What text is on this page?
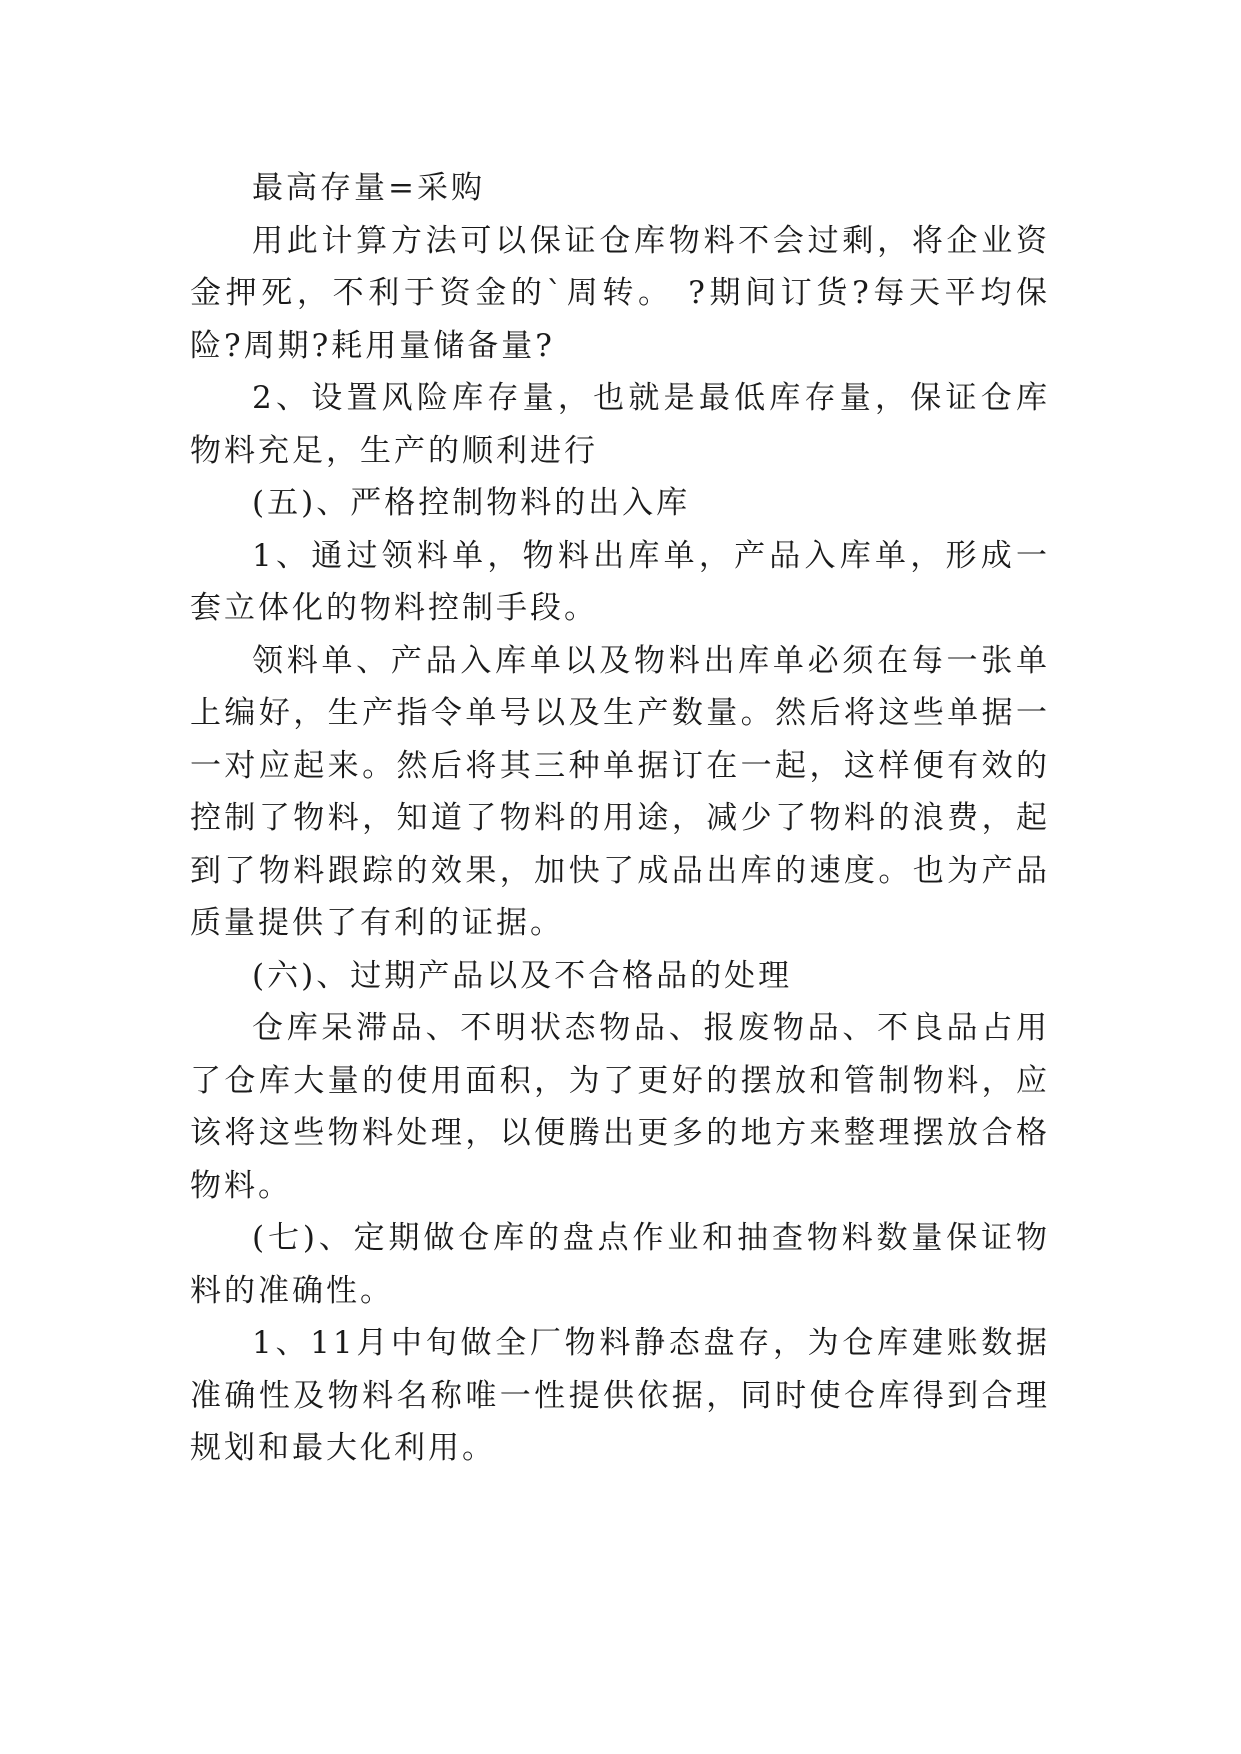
最高存量=采购

用此计算方法可以保证仓库物料不会过剩，将企业资金押死，不利于资金的`周转。 ?期间订货?每天平均保险?周期?耗用量储备量?

2、设置风险库存量，也就是最低库存量，保证仓库物料充足，生产的顺利进行

(五)、严格控制物料的出入库

1、通过领料单，物料出库单，产品入库单，形成一套立体化的物料控制手段。

领料单、产品入库单以及物料出库单必须在每一张单上编好，生产指令单号以及生产数量。然后将这些单据一一对应起来。然后将其三种单据订在一起，这样便有效的控制了物料，知道了物料的用途，减少了物料的浪费，起到了物料跟踪的效果，加快了成品出库的速度。也为产品质量提供了有利的证据。

(六)、过期产品以及不合格品的处理

仓库呆滞品、不明状态物品、报废物品、不良品占用了仓库大量的使用面积，为了更好的摆放和管制物料，应该将这些物料处理，以便腾出更多的地方来整理摆放合格物料。

(七)、定期做仓库的盘点作业和抽查物料数量保证物料的准确性。

1、11月中旬做全厂物料静态盘存，为仓库建账数据准确性及物料名称唯一性提供依据，同时使仓库得到合理规划和最大化利用。
